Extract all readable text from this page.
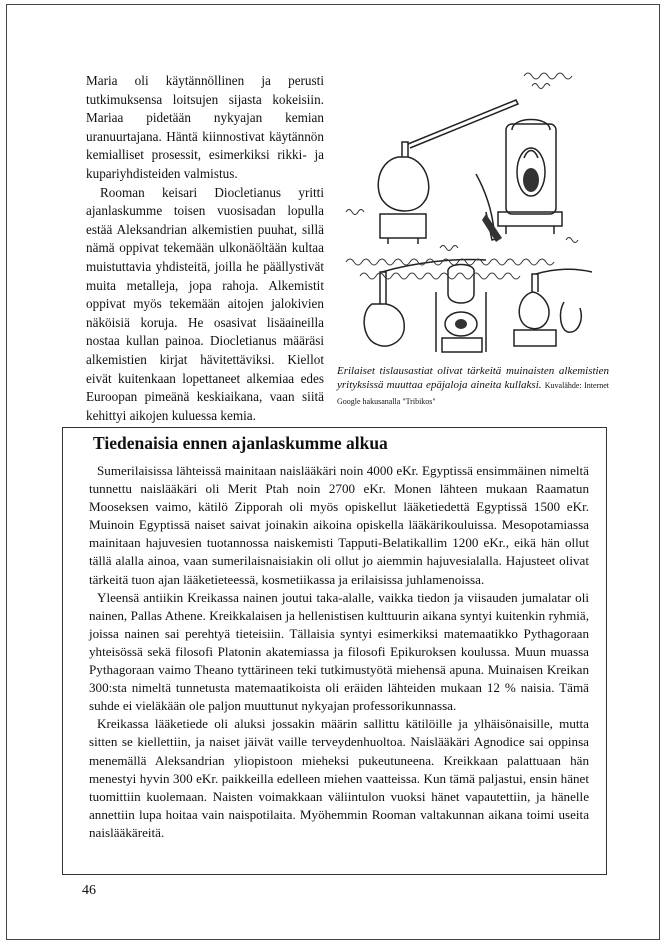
Maria oli käytännöllinen ja perusti tutkimuksensa loitsujen sijasta kokeisiin. Mariaa pidetään nykyajan kemian uranuurtajana. Häntä kiinnostivat käytännön kemialliset prosessit, esimerkiksi rikki- ja kupariyhdisteiden valmistus.

Rooman keisari Diocletianus yritti ajanlaskumme toisen vuosisadan lopulla estää Aleksandrian alkemistien puuhat, sillä nämä oppivat tekemään ulkonäöltään kultaa muistuttavia yhdisteitä, joilla he päällystivät muita metalleja, jopa rahoja. Alkemistit oppivat myös tekemään aitojen jalokivien näköisiä koruja. He osasivat lisäaineilla nostaa kullan painoa. Diocletianus määräsi alkemistien kirjat hävitettäviksi. Kiellot eivät kuitenkaan lopettaneet alkemiaa edes Euroopan pimeänä keskiaikana, vaan siitä kehittyi aikojen kuluessa kemia.

Erilaiset tislausastiat olivat tärkeitä muinaisten alkemistien yrityksissä muuttaa epäjaloja aineita kullaksi. Kuvalähde: Internet Google hakusanalla "Tribikos"
Tiedenaisia ennen ajanlaskumme alkua

Sumerilaisissa lähteissä mainitaan naislääkäri noin 4000 eKr. Egyptissä ensimmäinen nimeltä tunnettu naislääkäri oli Merit Ptah noin 2700 eKr. Monen lähteen mukaan Raamatun Mooseksen vaimo, kätilö Zipporah oli myös opiskellut lääketiedettä Egyptissä 1500 eKr. Muinoin Egyptissä naiset saivat joinakin aikoina opiskella lääkärikouluissa. Mesopotamiassa mainitaan hajuvesien tuotannossa naiskemisti Tapputi-Belatikallim 1200 eKr., eikä hän ollut tällä alalla ainoa, vaan sumerilaisnaisiakin oli ollut jo aiemmin hajuvesialalla. Hajusteet olivat tärkeitä tuon ajan lääketieteessä, kosmetiikassa ja erilaisissa juhlamenoissa.

Yleensä antiikin Kreikassa nainen joutui taka-alalle, vaikka tiedon ja viisauden jumalatar oli nainen, Pallas Athene. Kreikkalaisen ja hellenistisen kulttuurin aikana syntyi kuitenkin ryhmiä, joissa nainen sai perehtyä tieteisiin. Tällaisia syntyi esimerkiksi matemaatikko Pythagoraan yhteisössä sekä filosofi Platonin akatemiassa ja filosofi Epikuroksen koulussa. Muun muassa Pythagoraan vaimo Theano tyttärineen teki tutkimustyötä miehensä apuna. Muinaisen Kreikan 300:sta nimeltä tunnetusta matemaatikoista oli eräiden lähteiden mukaan 12 % naisia. Tämä suhde ei vieläkään ole paljon muuttunut nykyajan professorikunnassa.

Kreikassa lääketiede oli aluksi jossakin määrin sallittu kätilöille ja ylhäisönaisille, mutta sitten se kiellettiin, ja naiset jäivät vaille terveydenhuoltoa. Naislääkäri Agnodice sai oppinsa menemällä Aleksandrian yliopistoon mieheksi pukeutuneena. Kreikkaan palattuaan hän menestyi hyvin 300 eKr. paikkeilla edelleen miehen vaatteissa. Kun tämä paljastui, ensin hänet tuomittiin kuolemaan. Naisten voimakkaan väliintulon vuoksi hänet vapautettiin, ja hänelle annettiin lupa hoitaa vain naispotilaita. Myöhemmin Rooman valtakunnan aikana toimi useita naislääkäreitä.

46
